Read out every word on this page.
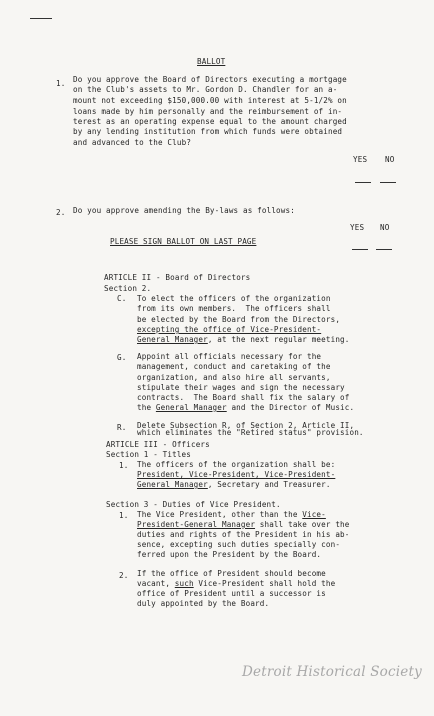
BALLOT
1. Do you approve the Board of Directors executing a mortgage
on the Club's assets to Mr. Gordon D. Chandler for an a-
mount not exceeding $150,000.00 with interest at 5-1/2% on
loans made by him personally and the reimbursement of in-
terest as an operating expense equal to the amount charged
by any lending institution from which funds were obtained
and advanced to the Club?
YES NO
2. Do you approve amending the By-laws as follows:
YES NO
PLEASE SIGN BALLOT ON LAST PAGE
ARTICLE II - Board of Directors
Section 2.
C. To elect the officers of the organization
from its own members.  The officers shall
be elected by the Board from the Directors,
excepting the office of Vice-President-
General Manager, at the next regular meeting.
G. Appoint all officials necessary for the
management, conduct and caretaking of the
organization, and also hire all servants,
stipulate their wages and sign the necessary
contracts.  The Board shall fix the salary of
the General Manager and the Director of Music.
R. Delete Subsection R, of Section 2, Article II,
which eliminates the "Retired status" provision.
ARTICLE III - Officers
Section 1 - Titles
1. The officers of the organization shall be:
President, Vice-President, Vice-President-
General Manager, Secretary and Treasurer.
Section 3 - Duties of Vice President.
1. The Vice President, other than the Vice-
President-General Manager shall take over the
duties and rights of the President in his ab-
sence, excepting such duties specially con-
ferred upon the President by the Board.
2. If the office of President should become
vacant, such Vice-President shall hold the
office of President until a successor is
duly appointed by the Board.
Detroit Historical Society
